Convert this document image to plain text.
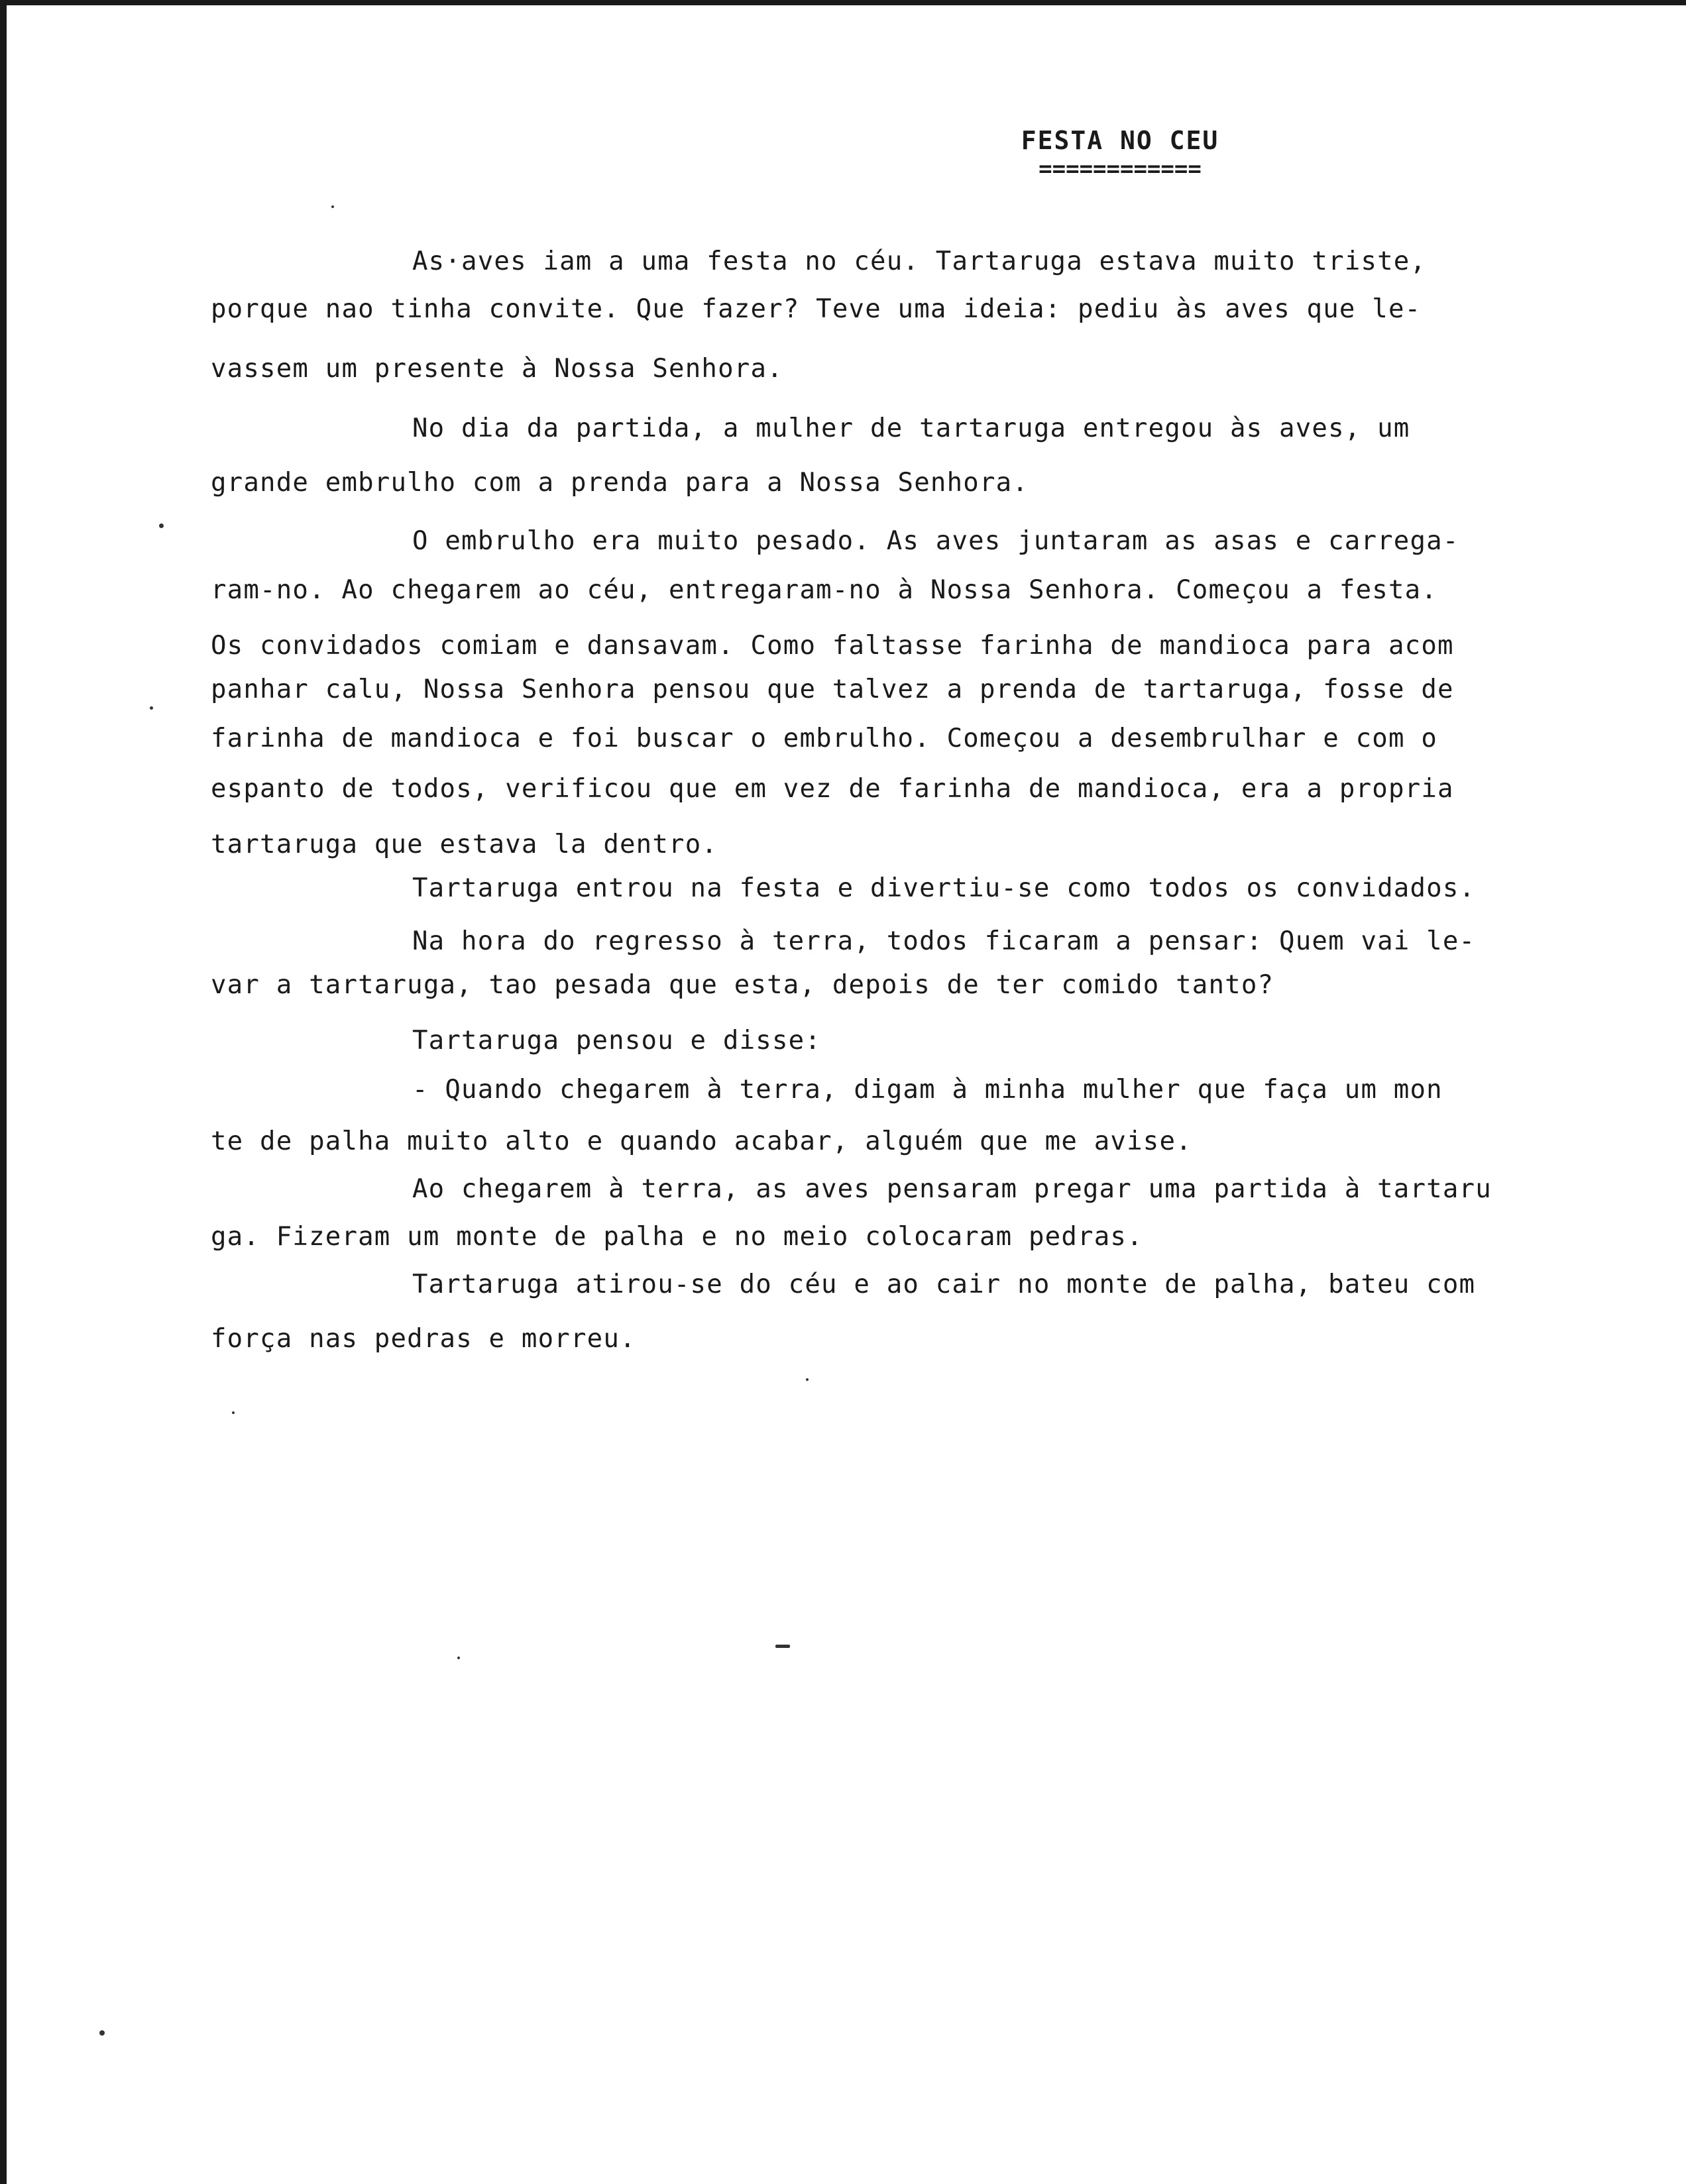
FESTA NO CEU
============
As·aves iam a uma festa no céu. Tartaruga estava muito triste,
porque nao tinha convite. Que fazer? Teve uma ideia: pediu às aves que le-
vassem um presente à Nossa Senhora.
No dia da partida, a mulher de tartaruga entregou às aves, um
grande embrulho com a prenda para a Nossa Senhora.
O embrulho era muito pesado. As aves juntaram as asas e carrega-
ram-no. Ao chegarem ao céu, entregaram-no à Nossa Senhora. Começou a festa.
Os convidados comiam e dansavam. Como faltasse farinha de mandioca para acom
panhar calu, Nossa Senhora pensou que talvez a prenda de tartaruga, fosse de
farinha de mandioca e foi buscar o embrulho. Começou a desembrulhar e com o
espanto de todos, verificou que em vez de farinha de mandioca, era a propria
tartaruga que estava la dentro.
Tartaruga entrou na festa e divertiu-se como todos os convidados.
Na hora do regresso à terra, todos ficaram a pensar: Quem vai le-
var a tartaruga, tao pesada que esta, depois de ter comido tanto?
Tartaruga pensou e disse:
- Quando chegarem à terra, digam à minha mulher que faça um mon
te de palha muito alto e quando acabar, alguém que me avise.
Ao chegarem à terra, as aves pensaram pregar uma partida à tartaru
ga. Fizeram um monte de palha e no meio colocaram pedras.
Tartaruga atirou-se do céu e ao cair no monte de palha, bateu com
força nas pedras e morreu.
